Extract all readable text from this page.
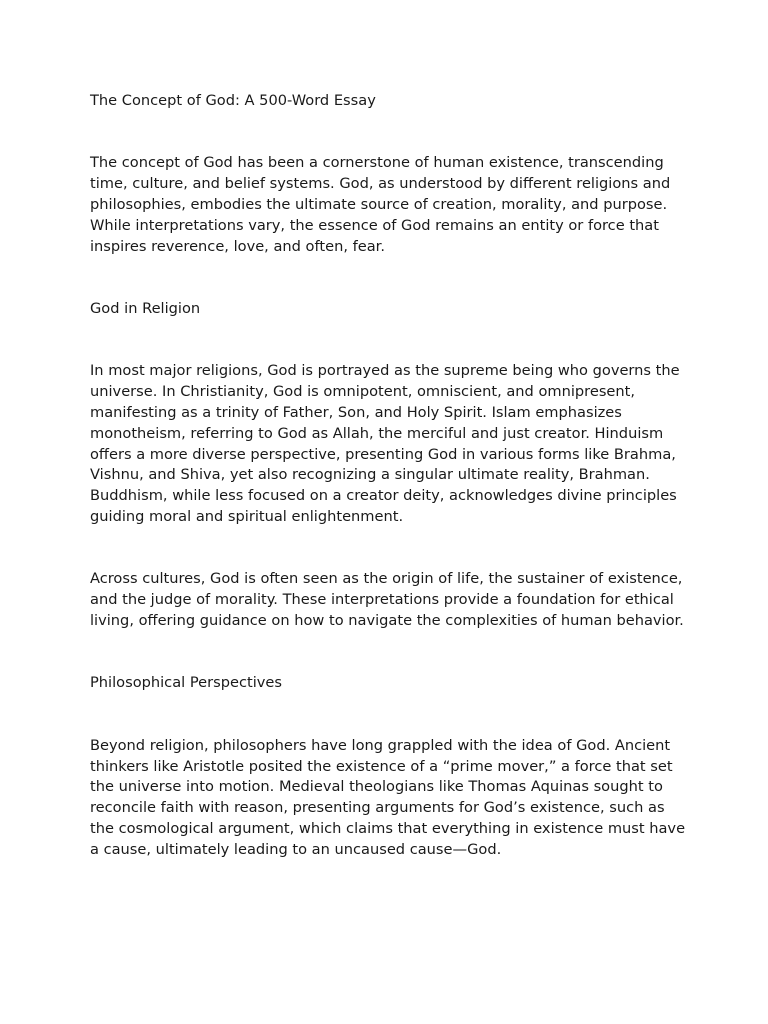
The Concept of God: A 500-Word Essay

The concept of God has been a cornerstone of human existence, transcending time, culture, and belief systems. God, as understood by different religions and philosophies, embodies the ultimate source of creation, morality, and purpose. While interpretations vary, the essence of God remains an entity or force that inspires reverence, love, and often, fear.

God in Religion

In most major religions, God is portrayed as the supreme being who governs the universe. In Christianity, God is omnipotent, omniscient, and omnipresent, manifesting as a trinity of Father, Son, and Holy Spirit. Islam emphasizes monotheism, referring to God as Allah, the merciful and just creator. Hinduism offers a more diverse perspective, presenting God in various forms like Brahma, Vishnu, and Shiva, yet also recognizing a singular ultimate reality, Brahman. Buddhism, while less focused on a creator deity, acknowledges divine principles guiding moral and spiritual enlightenment.

Across cultures, God is often seen as the origin of life, the sustainer of existence, and the judge of morality. These interpretations provide a foundation for ethical living, offering guidance on how to navigate the complexities of human behavior.

Philosophical Perspectives

Beyond religion, philosophers have long grappled with the idea of God. Ancient thinkers like Aristotle posited the existence of a “prime mover,” a force that set the universe into motion. Medieval theologians like Thomas Aquinas sought to reconcile faith with reason, presenting arguments for God’s existence, such as the cosmological argument, which claims that everything in existence must have a cause, ultimately leading to an uncaused cause—God.
